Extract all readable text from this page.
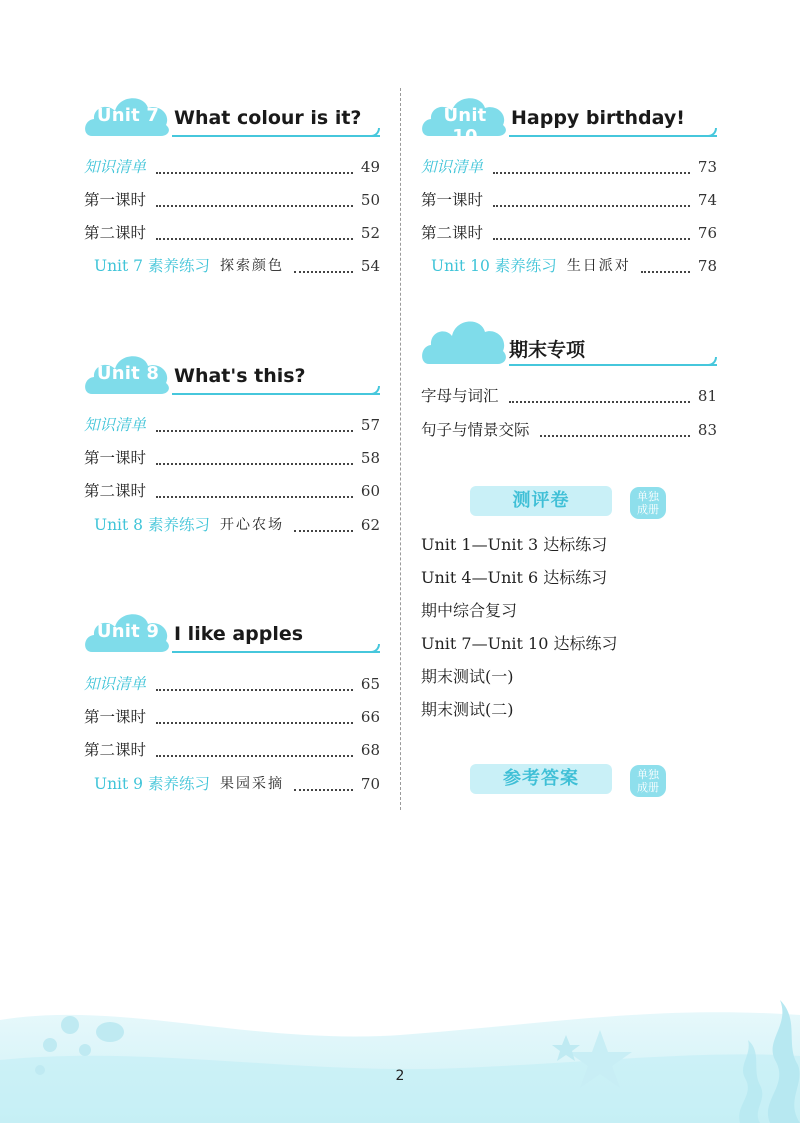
Unit 7 What colour is it?
知识清单	49
第一课时	50
第二课时	52
Unit 7 素养练习 探索颜色	54
Unit 8 What's this?
知识清单	57
第一课时	58
第二课时	60
Unit 8 素养练习 开心农场	62
Unit 9 I like apples
知识清单	65
第一课时	66
第二课时	68
Unit 9 素养练习 果园采摘	70
Unit 10
Happy birthday!
知识清单	73
第一课时	74
第二课时	76
Unit 10 素养练习 生日派对	78
期末专项
字母与词汇	81
句子与情景交际	83
测评卷	单独
成册
Unit 1—Unit 3 达标练习
Unit 4—Unit 6 达标练习
期中综合复习
Unit 7—Unit 10 达标练习
期末测试(一)
期末测试(二)
参考答案	单独
成册
2
